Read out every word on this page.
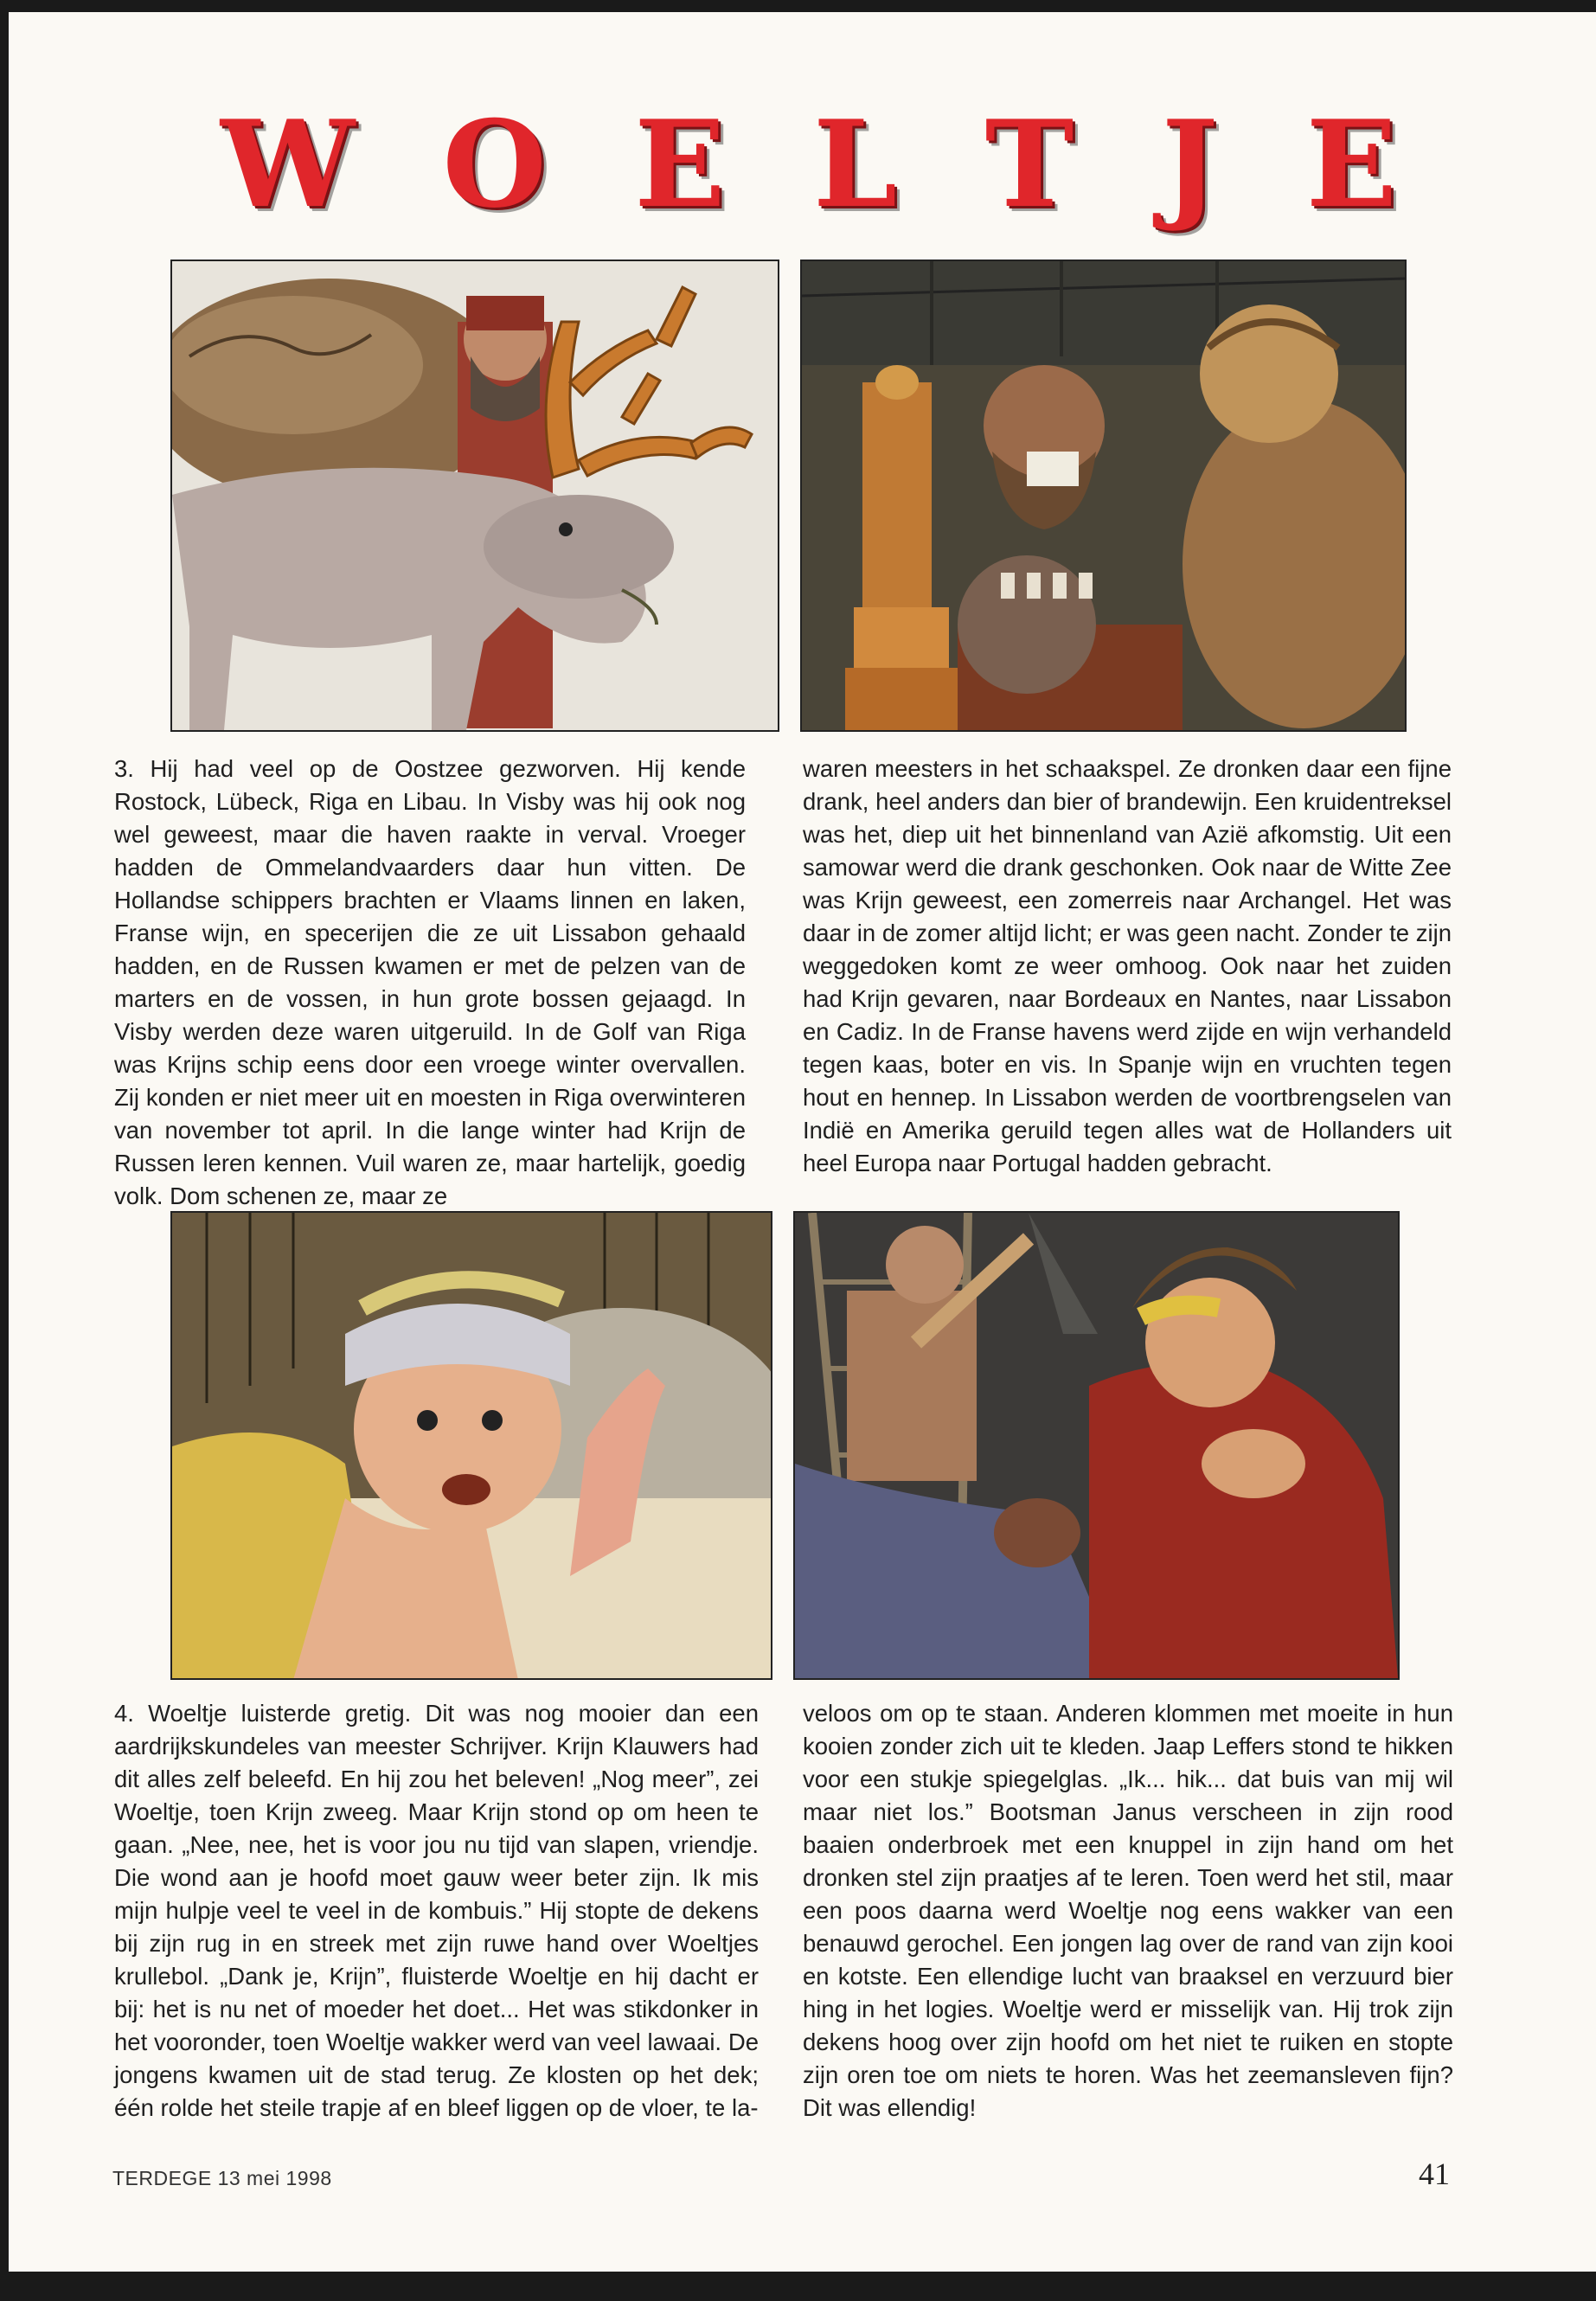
W O E L T J E

3. Hij had veel op de Oostzee gezworven. Hij kende Rostock, Lübeck, Riga en Libau. In Visby was hij ook nog wel geweest, maar die haven raakte in verval. Vroeger hadden de Ommelandvaarders daar hun vitten. De Hollandse schippers brachten er Vlaams linnen en laken, Franse wijn, en specerijen die ze uit Lissabon gehaald hadden, en de Russen kwamen er met de pelzen van de marters en de vossen, in hun grote bossen gejaagd. In Visby werden deze waren uitgeruild. In de Golf van Riga was Krijns schip eens door een vroege winter overvallen. Zij konden er niet meer uit en moesten in Riga overwinteren van november tot april. In die lange winter had Krijn de Russen leren kennen. Vuil waren ze, maar hartelijk, goedig volk. Dom schenen ze, maar ze

waren meesters in het schaakspel. Ze dronken daar een fijne drank, heel anders dan bier of brandewijn. Een kruidentreksel was het, diep uit het binnenland van Azië afkomstig. Uit een samowar werd die drank geschonken. Ook naar de Witte Zee was Krijn geweest, een zomerreis naar Archangel. Het was daar in de zomer altijd licht; er was geen nacht. Zonder te zijn weggedoken komt ze weer omhoog. Ook naar het zuiden had Krijn gevaren, naar Bordeaux en Nantes, naar Lissabon en Cadiz. In de Franse havens werd zijde en wijn verhandeld tegen kaas, boter en vis. In Spanje wijn en vruchten tegen hout en hennep. In Lissabon werden de voortbrengselen van Indië en Amerika geruild tegen alles wat de Hollanders uit heel Europa naar Portugal hadden gebracht.

4. Woeltje luisterde gretig. Dit was nog mooier dan een aardrijkskundeles van meester Schrijver. Krijn Klauwers had dit alles zelf beleefd. En hij zou het beleven! „Nog meer”, zei Woeltje, toen Krijn zweeg. Maar Krijn stond op om heen te gaan. „Nee, nee, het is voor jou nu tijd van slapen, vriendje. Die wond aan je hoofd moet gauw weer beter zijn. Ik mis mijn hulpje veel te veel in de kombuis.” Hij stopte de dekens bij zijn rug in en streek met zijn ruwe hand over Woeltjes krullebol. „Dank je, Krijn”, fluisterde Woeltje en hij dacht er bij: het is nu net of moeder het doet... Het was stikdonker in het vooronder, toen Woeltje wakker werd van veel lawaai. De jongens kwamen uit de stad terug. Ze klosten op het dek; één rolde het steile trapje af en bleef liggen op de vloer, te la-

veloos om op te staan. Anderen klommen met moeite in hun kooien zonder zich uit te kleden. Jaap Leffers stond te hikken voor een stukje spiegelglas. „Ik... hik... dat buis van mij wil maar niet los.” Bootsman Janus verscheen in zijn rood baaien onderbroek met een knuppel in zijn hand om het dronken stel zijn praatjes af te leren. Toen werd het stil, maar een poos daarna werd Woeltje nog eens wakker van een benauwd gerochel. Een jongen lag over de rand van zijn kooi en kotste. Een ellendige lucht van braaksel en verzuurd bier hing in het logies. Woeltje werd er misselijk van. Hij trok zijn dekens hoog over zijn hoofd om het niet te ruiken en stopte zijn oren toe om niets te horen. Was het zeemansleven fijn? Dit was ellendig!

TERDEGE 13 mei 1998	41
